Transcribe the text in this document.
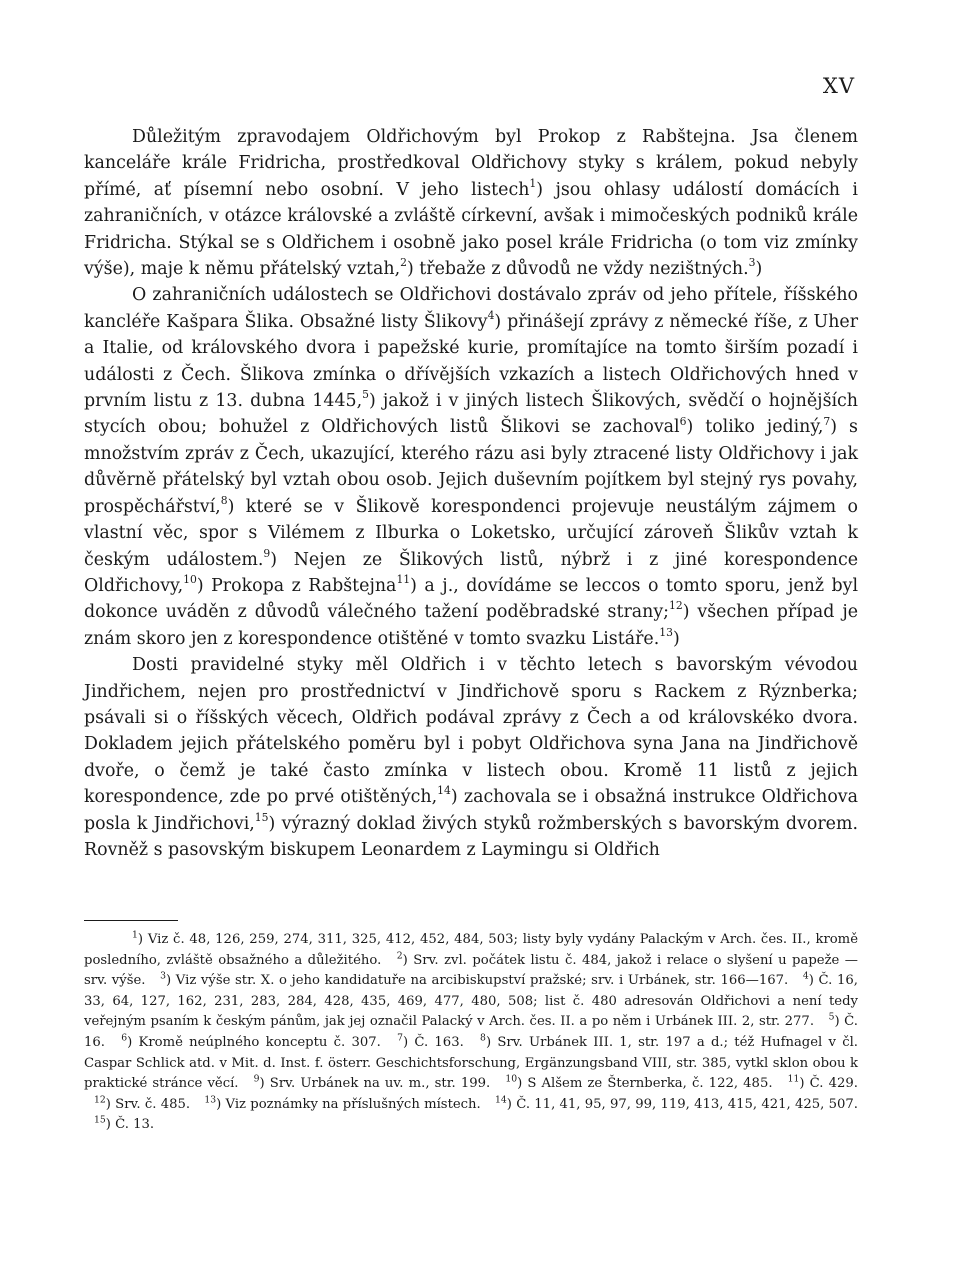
XV

Důležitým zpravodajem Oldřichovým byl Prokop z Rabštejna. Jsa členem kanceláře krále Fridricha, prostředkoval Oldřichovy styky s králem, pokud nebyly přímé, ať písemní nebo osobní. V jeho listech$^1$) jsou ohlasy událostí domácích i zahraničních, v otázce královské a zvláště církevní, avšak i mimočeských podniků krále Fridricha. Stýkal se s Oldřichem i osobně jako posel krále Fridricha (o tom viz zmínky výše), maje k němu přátelský vztah,$^2$) třebaže z důvodů ne vždy nezištných.$^3$)

O zahraničních událostech se Oldřichovi dostávalo zpráv od jeho přítele, říšského kancléře Kašpara Šlika. Obsažné listy Šlikovy$^4$) přinášejí zprávy z německé říše, z Uher a Italie, od královského dvora i papežské kurie, promítajíce na tomto širším pozadí i události z Čech. Šlikova zmínka o dřívějších vzkazích a listech Oldřichových hned v prvním listu z 13. dubna 1445,$^5$) jakož i v jiných listech Šlikových, svědčí o hojnějších stycích obou; bohužel z Oldřichových listů Šlikovi se zachoval$^6$) toliko jediný,$^7$) s množstvím zpráv z Čech, ukazující, kterého rázu asi byly ztracené listy Oldřichovy i jak důvěrně přátelský byl vztah obou osob. Jejich duševním pojítkem byl stejný rys povahy, prospěchářství,$^8$) které se v Šlikově korespondenci projevuje neustálým zájmem o vlastní věc, spor s Vilémem z Ilburka o Loketsko, určující zároveň Šlikův vztah k českým událostem.$^9$) Nejen ze Šlikových listů, nýbrž i z jiné korespondence Oldřichovy,$^{10}$) Prokopa z Rabštejna$^{11}$) a j., dovídáme se leccos o tomto sporu, jenž byl dokonce uváděn z důvodů válečného tažení poděbradské strany;$^{12}$) všechen případ je znám skoro jen z korespondence otištěné v tomto svazku Listáře.$^{13}$)

Dosti pravidelné styky měl Oldřich i v těchto letech s bavorským vévodou Jindřichem, nejen pro prostřednictví v Jindřichově sporu s Rackem z Rýznberka; psávali si o říšských věcech, Oldřich podával zprávy z Čech a od královskéko dvora. Dokladem jejich přátelského poměru byl i pobyt Oldřichova syna Jana na Jindřichově dvoře, o čemž je také často zmínka v listech obou. Kromě 11 listů z jejich korespondence, zde po prvé otištěných,$^{14}$) zachovala se i obsažná instrukce Oldřichova posla k Jindřichovi,$^{15}$) výrazný doklad živých styků rožmberských s bavorským dvorem. Rovněž s pasovským biskupem Leonardem z Laymingu si Oldřich

$^1$) Viz č. 48, 126, 259, 274, 311, 325, 412, 452, 484, 503; listy byly vydány Palackým v Arch. čes. II., kromě posledního, zvláště obsažného a důležitého. $^2$) Srv. zvl. počátek listu č. 484, jakož i relace o slyšení u papeže — srv. výše. $^3$) Viz výše str. X. o jeho kandidatuře na arcibiskupství pražské; srv. i Urbánek, str. 166—167. $^4$) Č. 16, 33, 64, 127, 162, 231, 283, 284, 428, 435, 469, 477, 480, 508; list č. 480 adresován Oldřichovi a není tedy veřejným psaním k českým pánům, jak jej označil Palacký v Arch. čes. II. a po něm i Urbánek III. 2, str. 277. $^5$) Č. 16. $^6$) Kromě neúplného konceptu č. 307. $^7$) Č. 163. $^8$) Srv. Urbánek III. 1, str. 197 a d.; též Hufnagel v čl. Caspar Schlick atd. v Mit. d. Inst. f. österr. Geschichtsforschung, Ergänzungsband VIII, str. 385, vytkl sklon obou k praktické stránce věcí. $^9$) Srv. Urbánek na uv. m., str. 199. $^{10}$) S Alšem ze Šternberka, č. 122, 485. $^{11}$) Č. 429. $^{12}$) Srv. č. 485. $^{13}$) Viz poznámky na příslušných místech. $^{14}$) Č. 11, 41, 95, 97, 99, 119, 413, 415, 421, 425, 507. $^{15}$) Č. 13.
